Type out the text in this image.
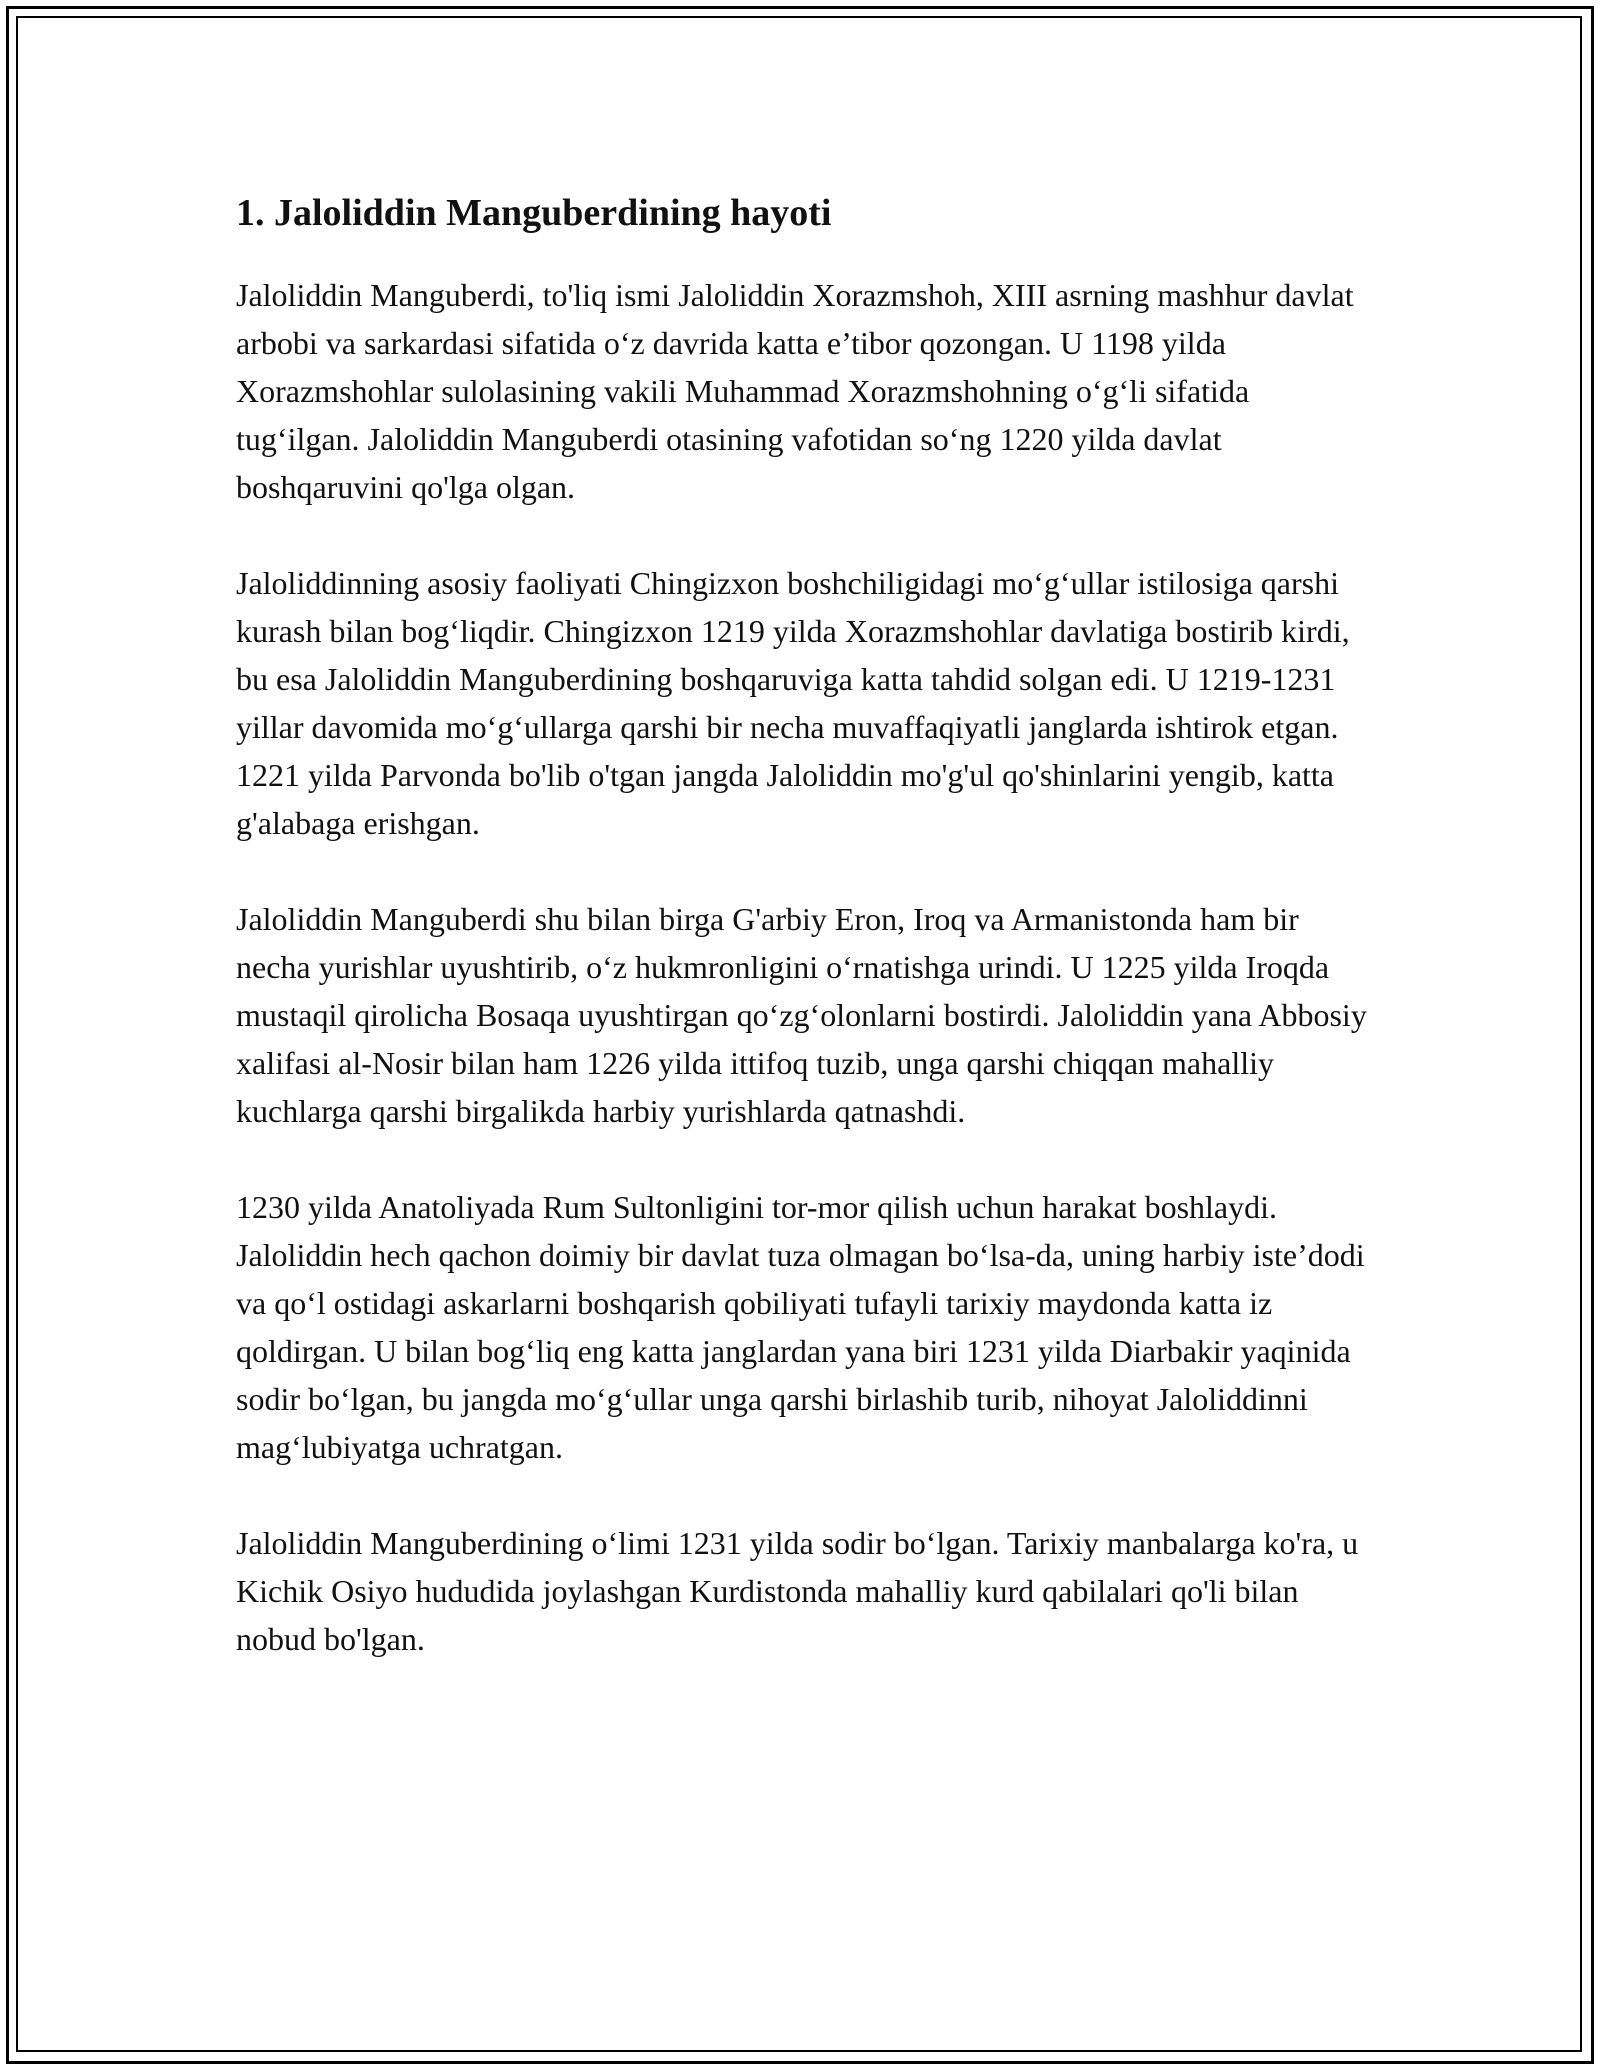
1. Jaloliddin Manguberdining hayoti

Jaloliddin Manguberdi, to'liq ismi Jaloliddin Xorazmshoh, XIII asrning mashhur davlat arbobi va sarkardasi sifatida o‘z davrida katta e’tibor qozongan. U 1198 yilda Xorazmshohlar sulolasining vakili Muhammad Xorazmshohning o‘g‘li sifatida tug‘ilgan. Jaloliddin Manguberdi otasining vafotidan so‘ng 1220 yilda davlat boshqaruvini qo'lga olgan.

Jaloliddinning asosiy faoliyati Chingizxon boshchiligidagi mo‘g‘ullar istilosiga qarshi kurash bilan bog‘liqdir. Chingizxon 1219 yilda Xorazmshohlar davlatiga bostirib kirdi, bu esa Jaloliddin Manguberdining boshqaruviga katta tahdid solgan edi. U 1219-1231 yillar davomida mo‘g‘ullarga qarshi bir necha muvaffaqiyatli janglarda ishtirok etgan. 1221 yilda Parvonda bo'lib o'tgan jangda Jaloliddin mo'g'ul qo'shinlarini yengib, katta g'alabaga erishgan.

Jaloliddin Manguberdi shu bilan birga G'arbiy Eron, Iroq va Armanistonda ham bir necha yurishlar uyushtirib, o‘z hukmronligini o‘rnatishga urindi. U 1225 yilda Iroqda mustaqil qirolicha Bosaqa uyushtirgan qo‘zg‘olonlarni bostirdi. Jaloliddin yana Abbosiy xalifasi al-Nosir bilan ham 1226 yilda ittifoq tuzib, unga qarshi chiqqan mahalliy kuchlarga qarshi birgalikda harbiy yurishlarda qatnashdi.

1230 yilda Anatoliyada Rum Sultonligini tor-mor qilish uchun harakat boshlaydi. Jaloliddin hech qachon doimiy bir davlat tuza olmagan bo‘lsa-da, uning harbiy iste’dodi va qo‘l ostidagi askarlarni boshqarish qobiliyati tufayli tarixiy maydonda katta iz qoldirgan. U bilan bog‘liq eng katta janglardan yana biri 1231 yilda Diarbakir yaqinida sodir bo‘lgan, bu jangda mo‘g‘ullar unga qarshi birlashib turib, nihoyat Jaloliddinni mag‘lubiyatga uchratgan.

Jaloliddin Manguberdining o‘limi 1231 yilda sodir bo‘lgan. Tarixiy manbalarga ko'ra, u Kichik Osiyo hududida joylashgan Kurdistonda mahalliy kurd qabilalari qo'li bilan nobud bo'lgan.
